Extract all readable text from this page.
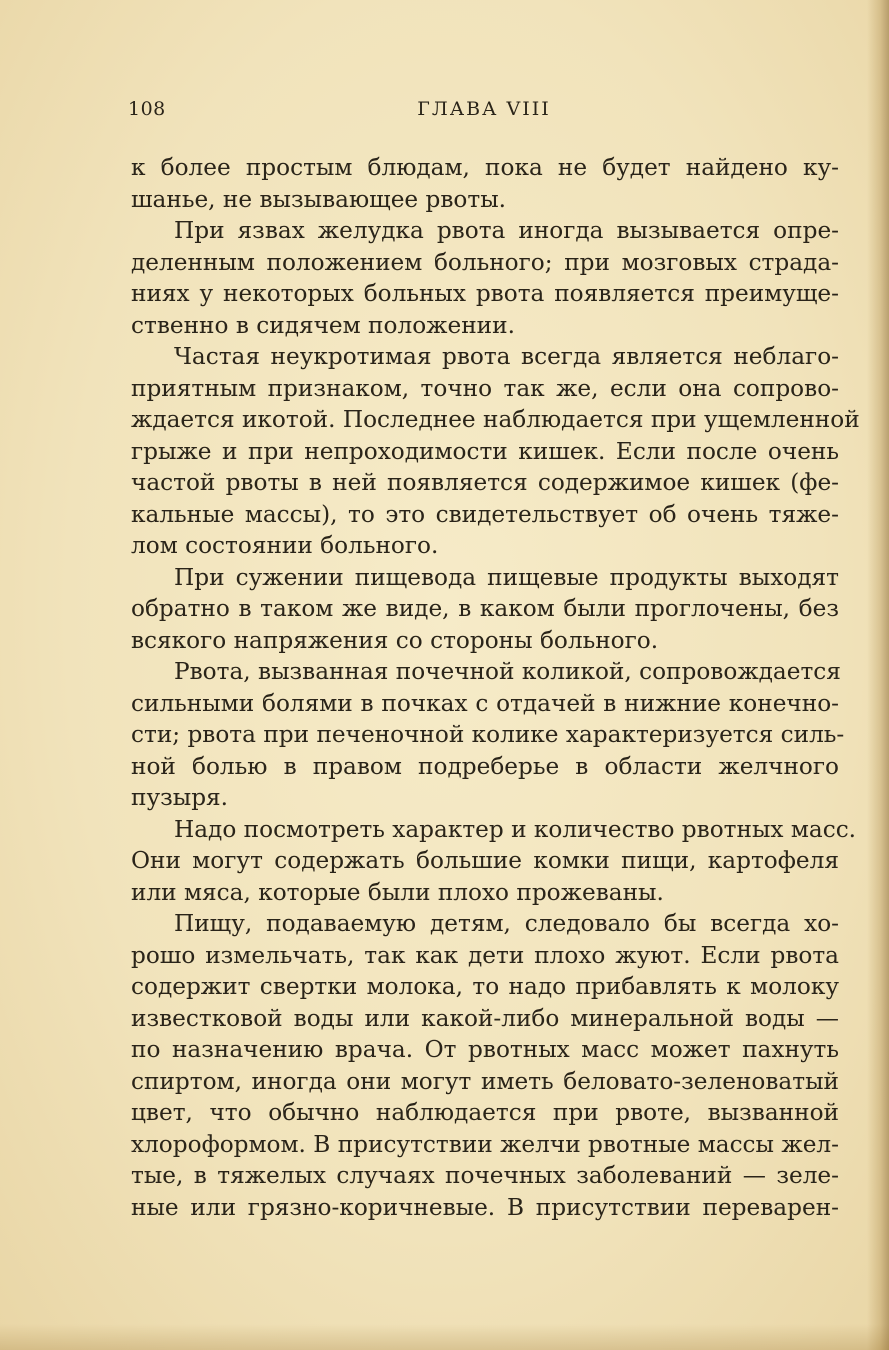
108	ГЛАВА VIII
к более простым блюдам, пока не будет найдено ку-
шанье, не вызывающее рвоты.
При язвах желудка рвота иногда вызывается опре-
деленным положением больного; при мозговых страда-
ниях у некоторых больных рвота появляется преимуще-
ственно в сидячем положении.
Частая неукротимая рвота всегда является неблаго-
приятным признаком, точно так же, если она сопрово-
ждается икотой. Последнее наблюдается при ущемленной
грыже и при непроходимости кишек. Если после очень
частой рвоты в ней появляется содержимое кишек (фе-
кальные массы), то это свидетельствует об очень тяже-
лом состоянии больного.
При сужении пищевода пищевые продукты выходят
обратно в таком же виде, в каком были проглочены, без
всякого напряжения со стороны больного.
Рвота, вызванная почечной коликой, сопровождается
сильными болями в почках с отдачей в нижние конечно-
сти; рвота при печеночной колике характеризуется силь-
ной болью в правом подреберье в области желчного
пузыря.
Надо посмотреть характер и количество рвотных масс.
Они могут содержать большие комки пищи, картофеля
или мяса, которые были плохо прожеваны.
Пищу, подаваемую детям, следовало бы всегда хо-
рошо измельчать, так как дети плохо жуют. Если рвота
содержит свертки молока, то надо прибавлять к молоку
известковой воды или какой-либо минеральной воды —
по назначению врача. От рвотных масс может пахнуть
спиртом, иногда они могут иметь беловато-зеленоватый
цвет, что обычно наблюдается при рвоте, вызванной
хлороформом. В присутствии желчи рвотные массы жел-
тые, в тяжелых случаях почечных заболеваний — зеле-
ные или грязно-коричневые. В присутствии переварен-
